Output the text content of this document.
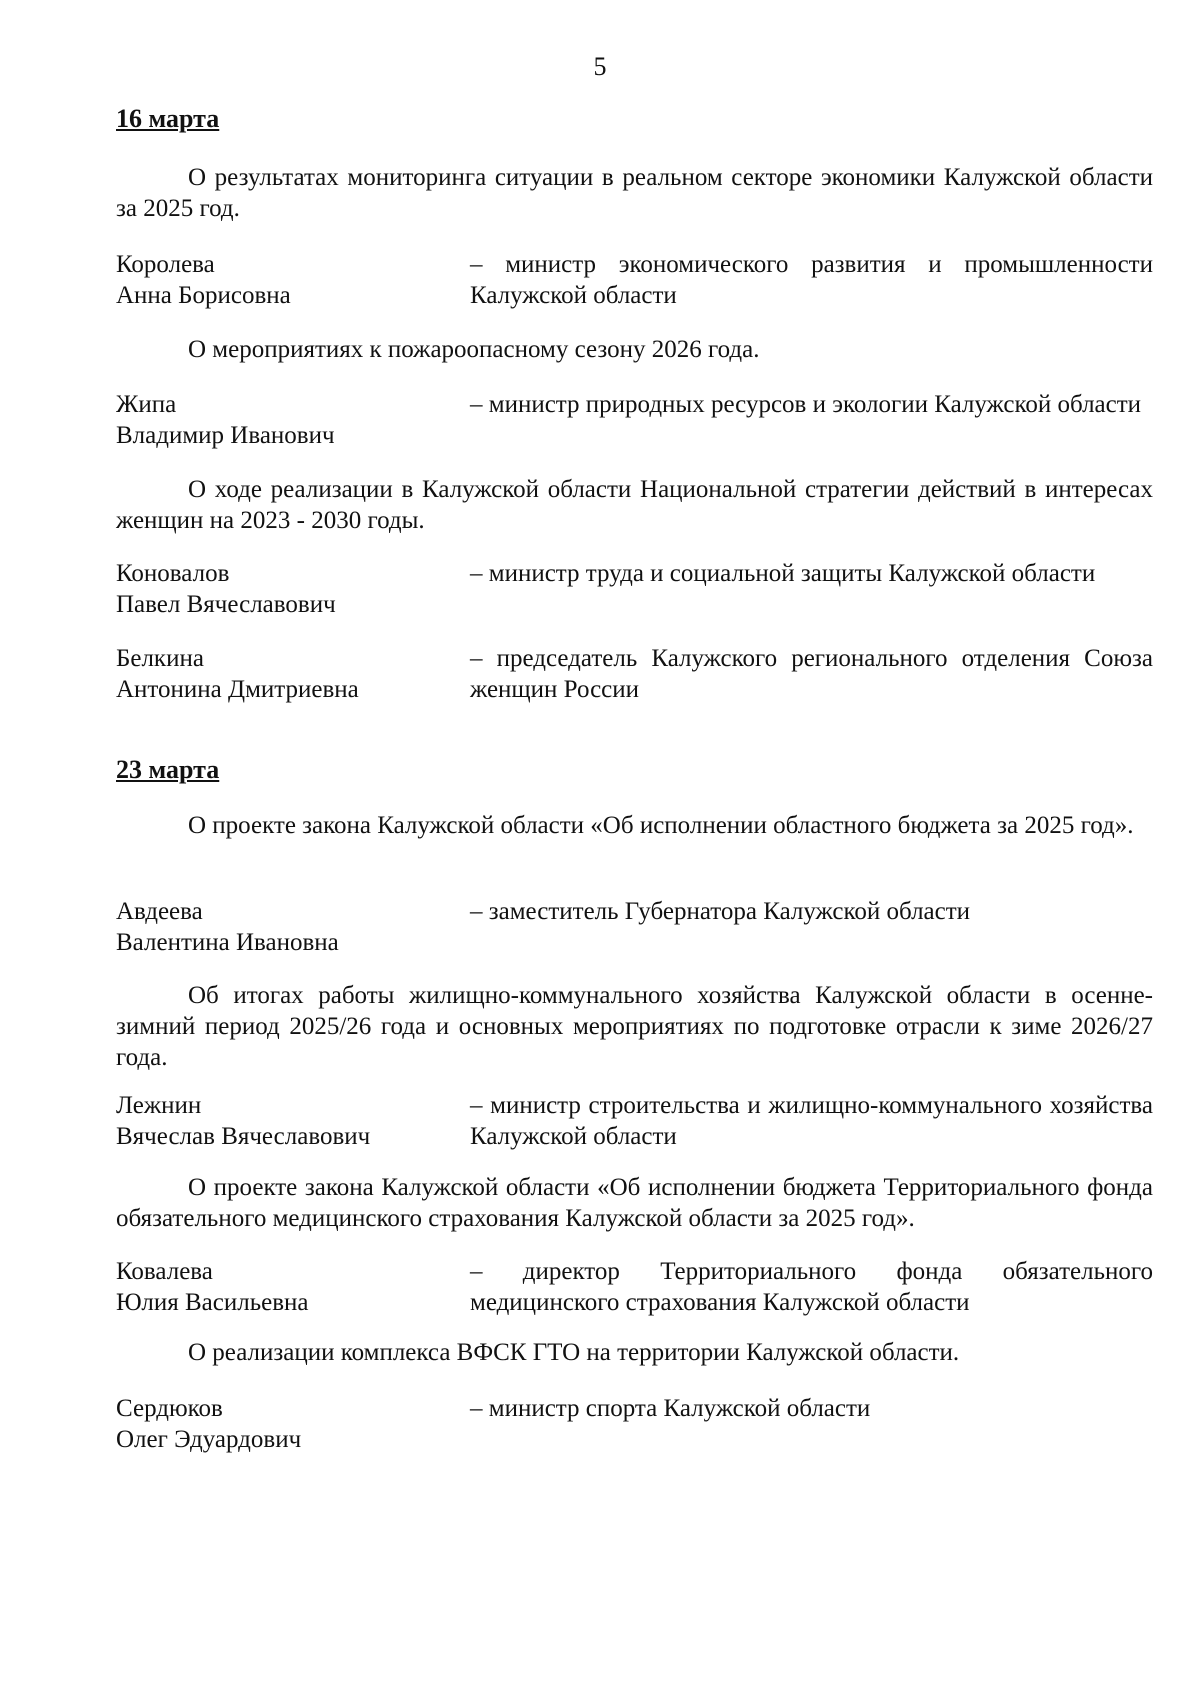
5
16 марта
О результатах мониторинга ситуации в реальном секторе экономики Калужской области за 2025 год.
Королева
Анна Борисовна
– министр экономического развития и промышленности Калужской области
О мероприятиях к пожароопасному сезону 2026 года.
Жипа
Владимир Иванович
– министр природных ресурсов и экологии Калужской области
О ходе реализации в Калужской области Национальной стратегии действий в интересах женщин на 2023 - 2030 годы.
Коновалов
Павел Вячеславович
– министр труда и социальной защиты Калужской области
Белкина
Антонина Дмитриевна
– председатель Калужского регионального отделения Союза женщин России
23 марта
О проекте закона Калужской области «Об исполнении областного бюджета за 2025 год».
Авдеева
Валентина Ивановна
– заместитель Губернатора Калужской области
Об итогах работы жилищно-коммунального хозяйства Калужской области в осенне-зимний период 2025/26 года и основных мероприятиях по подготовке отрасли к зиме 2026/27 года.
Лежнин
Вячеслав Вячеславович
– министр строительства и жилищно-коммунального хозяйства Калужской области
О проекте закона Калужской области «Об исполнении бюджета Территориального фонда обязательного медицинского страхования Калужской области за 2025 год».
Ковалева
Юлия Васильевна
– директор Территориального фонда обязательного медицинского страхования Калужской области
О реализации комплекса ВФСК ГТО на территории Калужской области.
Сердюков
Олег Эдуардович
– министр спорта Калужской области
